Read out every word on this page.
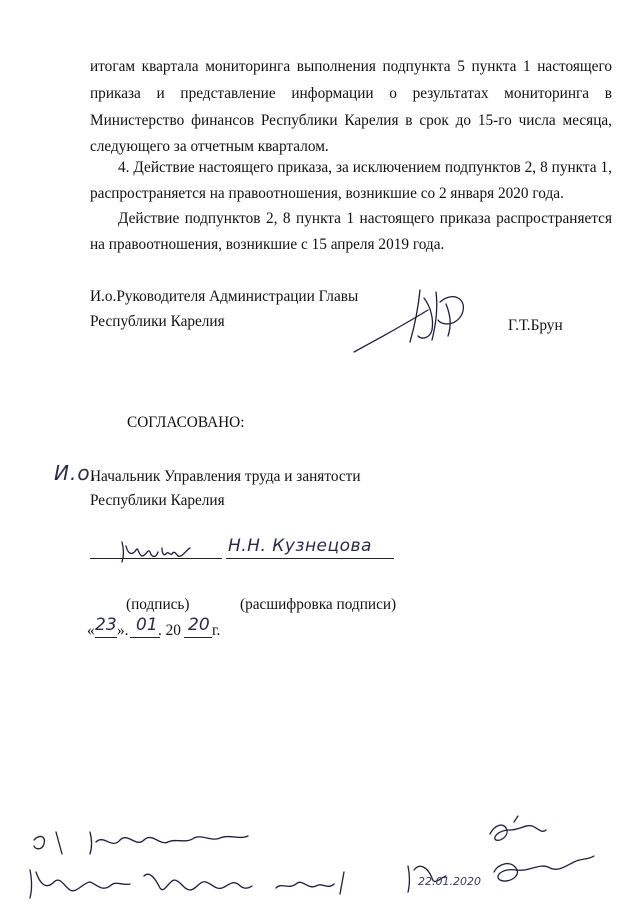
итогам квартала мониторинга выполнения подпункта 5 пункта 1 настоящего
приказа и представление информации о результатах мониторинга в
Министерство финансов Республики Карелия в срок до 15-го числа месяца,
следующего за отчетным кварталом.
4. Действие настоящего приказа, за исключением подпунктов 2, 8 пункта 1,
распространяется на правоотношения, возникшие со 2 января 2020 года.
Действие подпунктов 2, 8 пункта 1 настоящего приказа распространяется
на правоотношения, возникшие с 15 апреля 2019 года.
И.о.Руководителя Администрации Главы
Республики Карелия	Г.Т.Брун
СОГЛАСОВАНО:
И.о.
Начальник Управления труда и занятости
Республики Карелия
Н.Н. Кузнецова
(подпись)	(расшифровка подписи)
« 23 ». 01 . 20 20 г.
22.01.2020
